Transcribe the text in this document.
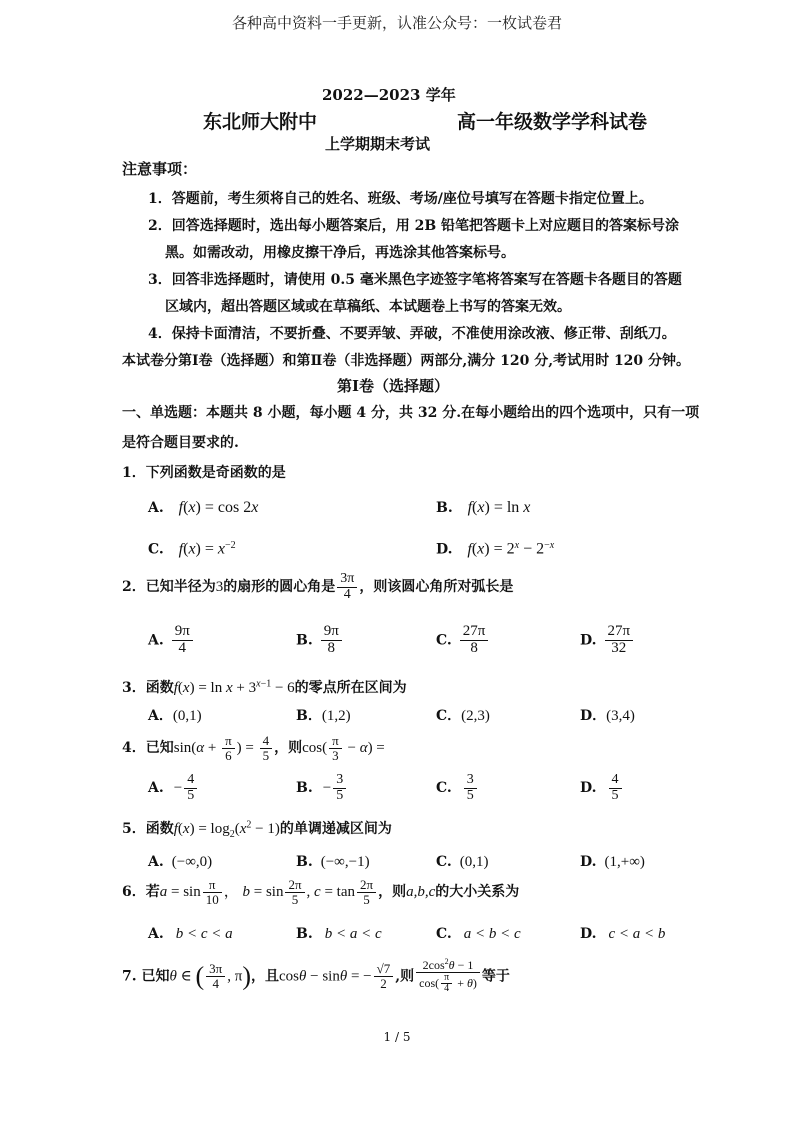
各种高中资料一手更新，认准公众号：一枚试卷君
2022—2023 学年
东北师大附中	高一年级数学学科试卷
上学期期末考试
注意事项：
1．答题前，考生须将自己的姓名、班级、考场/座位号填写在答题卡指定位置上。
2．回答选择题时，选出每小题答案后，用 2B 铅笔把答题卡上对应题目的答案标号涂
黑。如需改动，用橡皮擦干净后，再选涂其他答案标号。
3．回答非选择题时，请使用 0.5 毫米黑色字迹签字笔将答案写在答题卡各题目的答题
区域内，超出答题区域或在草稿纸、本试题卷上书写的答案无效。
4．保持卡面清洁，不要折叠、不要弄皱、弄破，不准使用涂改液、修正带、刮纸刀。
本试卷分第Ⅰ卷（选择题）和第Ⅱ卷（非选择题）两部分,满分 120 分,考试用时 120 分钟。
第Ⅰ卷（选择题）
一、单选题：本题共 8 小题，每小题 4 分，共 32 分.在每小题给出的四个选项中，只有一项
是符合题目要求的.
1．下列函数是奇函数的是
A. f(x) = cos 2x	B. f(x) = ln x
C. $f(x) = x^{-2}$	D. $f(x) = 2^x - 2^{-x}$
2．已知半径为3的扇形的圆心角是 $\frac{3\pi}{4}$ ，则该圆心角所对弧长是
A. $\frac{9\pi}{4}$	B. $\frac{9\pi}{8}$	C. $\frac{27\pi}{8}$	D. $\frac{27\pi}{32}$
3．函数$f(x) = \ln x + 3^{x-1} - 6$的零点所在区间为
A．(0,1)	B．(1,2)	C．(2,3)	D．(3,4)
4．已知$\sin(\alpha + \frac{\pi}{6}$ ) = $\frac{4}{5}$ ，则$\cos( \frac{\pi}{3} - \alpha)$ =
A. − $\frac{4}{5}$	B. − $\frac{3}{5}$	C. $\frac{3}{5}$	D. $\frac{4}{5}$
5．函数$f(x) = \log_2(x^2 - 1)$的单调递减区间为
A. (−∞,0)	B. (−∞,−1)	C. (0,1)	D. (1,+∞)
6．若$a = \sin \frac{\pi}{10}$ ， $b = \sin \frac{2\pi}{5}$ , $c = \tan \frac{2\pi}{5}$ ，则a,b,c的大小关系为
A. b < c < a	B. b < a < c	C. a < b < c	D. c < a < b
7. 已知θ ∈ ( $\frac{3\pi}{4}$ , π)，且cosθ − sinθ = − $\frac{√7}{2}$ ,则 $\frac{2\cos^2\theta - 1}{\cos( \frac{\pi}{4} + \theta)}$ 等于
1 / 5
